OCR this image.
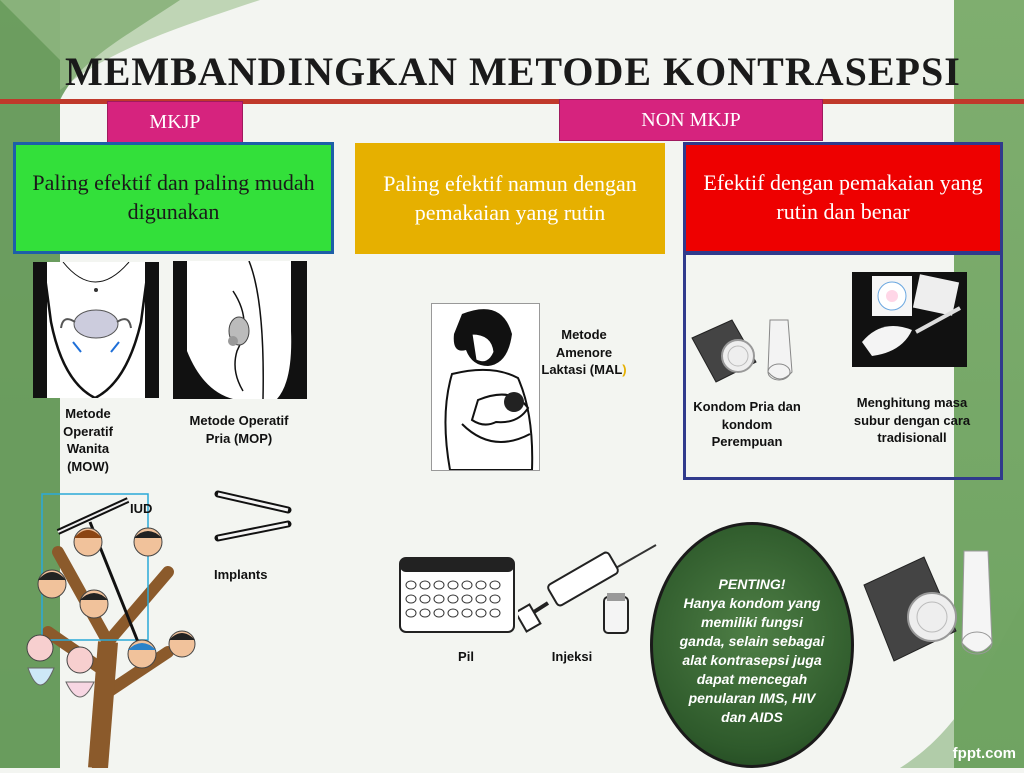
MEMBANDINGKAN METODE KONTRASEPSI
MKJP	NON MKJP
Paling efektif dan paling mudah digunakan
Paling efektif namun dengan pemakaian yang rutin
Efektif dengan pemakaian yang rutin dan benar
Metode Operatif Wanita (MOW)
Metode Operatif Pria (MOP)
IUD
Implants
Metode Amenore Laktasi (MAL)
Kondom Pria dan kondom Perempuan
Menghitung masa subur dengan cara tradisionall
Pil	Injeksi
PENTING!
Hanya kondom yang memiliki fungsi ganda, selain sebagai alat kontrasepsi juga dapat mencegah penularan IMS, HIV dan AIDS
fppt.com
